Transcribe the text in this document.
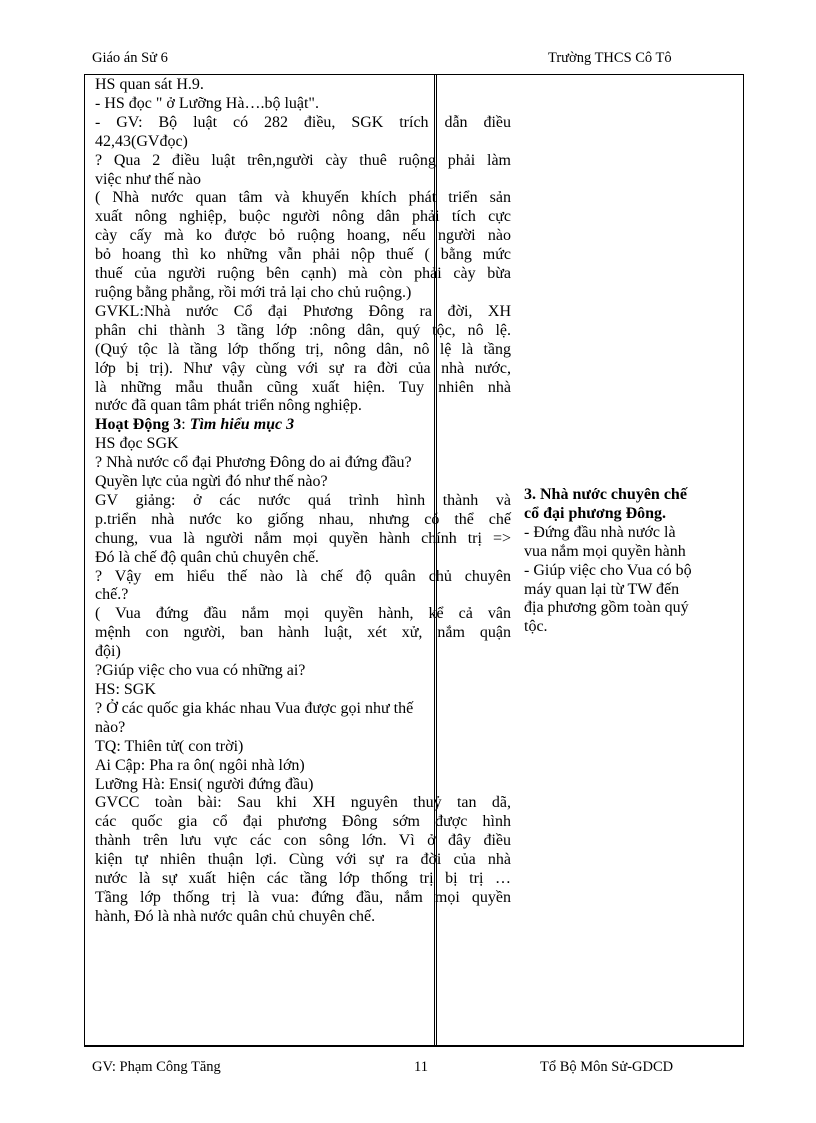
Giáo án Sử 6	Trường THCS Cô Tô
HS quan sát H.9.
- HS đọc " ở Lưỡng Hà….bộ luật".
- GV: Bộ luật có 282 điều, SGK trích dẫn điều
42,43(GVđọc)
? Qua 2 điều luật trên,người cày thuê ruộng phải làm
việc như thế nào
( Nhà nước quan tâm và khuyến khích phát triển sản
xuất nông nghiệp, buộc người nông dân phải tích cực
cày cấy mà ko được bỏ ruộng hoang, nếu người nào
bỏ hoang thì ko những vẫn phải nộp thuế ( bằng mức
thuế của người ruộng bên cạnh) mà còn phải cày bừa
ruộng bằng phẳng, rồi mới trả lại cho chủ ruộng.)
GVKL:Nhà nước Cổ đại Phương Đông ra đời, XH
phân chi thành 3 tầng lớp :nông dân, quý tộc, nô lệ.
(Quý tộc là tầng lớp thống trị, nông dân, nô lệ là tầng
lớp bị trị). Như vậy cùng với sự ra đời của nhà nước,
là những mẫu thuẫn cũng xuất hiện. Tuy nhiên nhà
nước đã quan tâm phát triển nông nghiệp.
Hoạt Động 3: Tìm hiểu mục 3
HS đọc SGK
? Nhà nước cổ đại Phương Đông do ai đứng đầu?
Quyền lực của ngừi đó như thế nào?
GV giảng: ở các nước quá trình hình thành và
p.triển nhà nước ko giống nhau, nhưng có thể chế
chung, vua là người nắm mọi quyền hành chính trị =>
Đó là chế độ quân chủ chuyên chế.
? Vậy em hiểu thế nào là chế độ quân chủ chuyên
chế.?
( Vua đứng đầu nắm mọi quyền hành, kể cả vân
mệnh con người, ban hành luật, xét xử, nắm quận
đội)
?Giúp việc cho vua có những ai?
HS: SGK
? Ở các quốc gia khác nhau Vua được gọi như thế
nào?
TQ: Thiên tử( con trời)
Ai Cập: Pha ra ôn( ngôi nhà lớn)
Lưỡng Hà: Ensi( người đứng đầu)
GVCC toàn bài: Sau khi XH nguyên thuỷ tan dã,
các quốc gia cổ đại phương Đông sớm được hình
thành trên lưu vực các con sông lớn. Vì ở đây điều
kiện tự nhiên thuận lợi. Cùng với sự ra đời của nhà
nước là sự xuất hiện các tầng lớp thống trị bị trị …
Tầng lớp thống trị là vua: đứng đầu, nắm mọi quyền
hành, Đó là nhà nước quân chủ chuyên chế.
3. Nhà nước chuyên chế
cổ đại phương Đông.
- Đứng đầu nhà nước là
vua nắm mọi quyền hành
- Giúp việc cho Vua có bộ
máy quan lại từ TW đến
địa phương gồm toàn quý
tộc.
GV: Phạm Công Tăng	11	Tổ Bộ Môn Sử-GDCD
